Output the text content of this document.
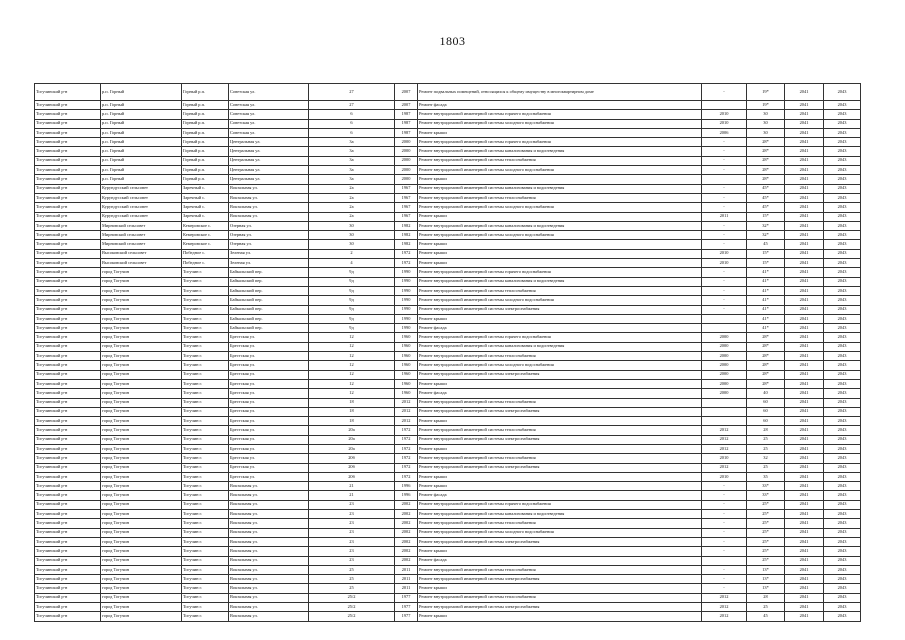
1803
Тогучинский р-н	р.п. Горный	Горный р.п.	Советская ул.	27	2007	Ремонт подвальных помещений, относящихся к общему имуществу в многоквартирном доме	-	19*	2041	2043
Тогучинский р-н	р.п. Горный	Горный р.п.	Советская ул.	27	2007	Ремонт фасада		19*	2041	2043
Тогучинский р-н	р.п. Горный	Горный р.п.	Советская ул.	6	1987	Ремонт внутридомовой инженерной системы горячего водоснабжения	2010	30	2041	2043
Тогучинский р-н	р.п. Горный	Горный р.п.	Советская ул.	6	1987	Ремонт внутридомовой инженерной системы холодного водоснабжения	2010	30	2041	2043
Тогучинский р-н	р.п. Горный	Горный р.п.	Советская ул.	6	1987	Ремонт крыши	2006	30	2041	2043
Тогучинский р-н	р.п. Горный	Горный р.п.	Центральная ул.	3а	2000	Ремонт внутридомовой инженерной системы горячего водоснабжения	-	28*	2041	2043
Тогучинский р-н	р.п. Горный	Горный р.п.	Центральная ул.	3а	2000	Ремонт внутридомовой инженерной системы канализования и водоотведения	-	28*	2041	2043
Тогучинский р-н	р.п. Горный	Горный р.п.	Центральная ул.	3а	2000	Ремонт внутридомовой инженерной системы теплоснабжения	-	28*	2041	2043
Тогучинский р-н	р.п. Горный	Горный р.п.	Центральная ул.	3а	2000	Ремонт внутридомовой инженерной системы холодного водоснабжения	-	28*	2041	2043
Тогучинский р-н	р.п. Горный	Горный р.п.	Центральная ул.	3а	2000	Ремонт крыши		28*	2041	2043
Тогучинский р-н	Курундусский сельсовет	Заречный с.	Вокзальная ул.	2а	1967	Ремонт внутридомовой инженерной системы канализования и водоотведения	-	45*	2041	2043
Тогучинский р-н	Курундусский сельсовет	Заречный с.	Вокзальная ул.	2а	1967	Ремонт внутридомовой инженерной системы теплоснабжения	-	45*	2041	2043
Тогучинский р-н	Курундусский сельсовет	Заречный с.	Вокзальная ул.	2а	1967	Ремонт внутридомовой инженерной системы холодного водоснабжения	-	45*	2041	2043
Тогучинский р-н	Курундусский сельсовет	Заречный с.	Вокзальная ул.	2а	1967	Ремонт крыши	2011	15*	2041	2043
Тогучинский р-н	Мирновский сельсовет	Кемеровское с.	Озерная ул.	30	1982	Ремонт внутридомовой инженерной системы канализования и водоотведения	-	32*	2041	2043
Тогучинский р-н	Мирновский сельсовет	Кемеровское с.	Озерная ул.	30	1982	Ремонт внутридомовой инженерной системы холодного водоснабжения	-	32*	2041	2043
Тогучинский р-н	Мирновский сельсовет	Кемеровское с.	Озерная ул.	30	1982	Ремонт крыши	-	45	2041	2043
Тогучинский р-н	Высоковский сельсовет	Победное с.	Зеленая ул.	2	1972	Ремонт крыши	2010	15*	2041	2043
Тогучинский р-н	Высоковский сельсовет	Победное с.	Зеленая ул.	4	1972	Ремонт крыши	2010	15*	2041	2043
Тогучинский р-н	город Тогучин	Тогучин г.	Байкальский пер.	9д	1990	Ремонт внутридомовой инженерной системы горячего водоснабжения	-	41*	2041	2043
Тогучинский р-н	город Тогучин	Тогучин г.	Байкальский пер.	9д	1990	Ремонт внутридомовой инженерной системы канализования и водоотведения	-	41*	2041	2043
Тогучинский р-н	город Тогучин	Тогучин г.	Байкальский пер.	9д	1990	Ремонт внутридомовой инженерной системы теплоснабжения	-	41*	2041	2043
Тогучинский р-н	город Тогучин	Тогучин г.	Байкальский пер.	9д	1990	Ремонт внутридомовой инженерной системы холодного водоснабжения	-	41*	2041	2043
Тогучинский р-н	город Тогучин	Тогучин г.	Байкальский пер.	9д	1990	Ремонт внутридомовой инженерной системы электроснабжения	-	41*	2041	2043
Тогучинский р-н	город Тогучин	Тогучин г.	Байкальский пер.	9д	1990	Ремонт крыши		41*	2041	2043
Тогучинский р-н	город Тогучин	Тогучин г.	Байкальский пер.	9д	1990	Ремонт фасада		41*	2041	2043
Тогучинский р-н	город Тогучин	Тогучин г.	Брестская ул.	12	1960	Ремонт внутридомовой инженерной системы горячего водоснабжения	2000	28*	2041	2043
Тогучинский р-н	город Тогучин	Тогучин г.	Брестская ул.	12	1960	Ремонт внутридомовой инженерной системы канализования и водоотведения	2000	28*	2041	2043
Тогучинский р-н	город Тогучин	Тогучин г.	Брестская ул.	12	1960	Ремонт внутридомовой инженерной системы теплоснабжения	2000	28*	2041	2043
Тогучинский р-н	город Тогучин	Тогучин г.	Брестская ул.	12	1960	Ремонт внутридомовой инженерной системы холодного водоснабжения	2000	28*	2041	2043
Тогучинский р-н	город Тогучин	Тогучин г.	Брестская ул.	12	1960	Ремонт внутридомовой инженерной системы электроснабжения	2000	28*	2041	2043
Тогучинский р-н	город Тогучин	Тогучин г.	Брестская ул.	12	1960	Ремонт крыши	2000	28*	2041	2043
Тогучинский р-н	город Тогучин	Тогучин г.	Брестская ул.	12	1960	Ремонт фасада	2000	40	2041	2043
Тогучинский р-н	город Тогучин	Тогучин г.	Брестская ул.	18	2012	Ремонт внутридомовой инженерной системы теплоснабжения		60	2041	2043
Тогучинский р-н	город Тогучин	Тогучин г.	Брестская ул.	18	2012	Ремонт внутридомовой инженерной системы электроснабжения		60	2041	2043
Тогучинский р-н	город Тогучин	Тогучин г.	Брестская ул.	18	2012	Ремонт крыши		60	2041	2043
Тогучинский р-н	город Тогучин	Тогучин г.	Брестская ул.	20а	1972	Ремонт внутридомовой инженерной системы теплоснабжения	2012	28	2041	2043
Тогучинский р-н	город Тогучин	Тогучин г.	Брестская ул.	20а	1972	Ремонт внутридомовой инженерной системы электроснабжения	2012	25	2041	2043
Тогучинский р-н	город Тогучин	Тогучин г.	Брестская ул.	20а	1972	Ремонт крыши	2012	25	2041	2043
Тогучинский р-н	город Тогучин	Тогучин г.	Брестская ул.	20б	1972	Ремонт внутридомовой инженерной системы теплоснабжения	2010	32	2041	2043
Тогучинский р-н	город Тогучин	Тогучин г.	Брестская ул.	20б	1972	Ремонт внутридомовой инженерной системы электроснабжения	2012	25	2041	2043
Тогучинский р-н	город Тогучин	Тогучин г.	Брестская ул.	20б	1972	Ремонт крыши	2010	35	2041	2043
Тогучинский р-н	город Тогучин	Тогучин г.	Вокзальная ул.	21	1996	Ремонт крыши	-	33*	2041	2043
Тогучинский р-н	город Тогучин	Тогучин г.	Вокзальная ул.	21	1996	Ремонт фасада	-	33*	2041	2043
Тогучинский р-н	город Тогучин	Тогучин г.	Вокзальная ул.	23	2002	Ремонт внутридомовой инженерной системы горячего водоснабжения	-	25*	2041	2043
Тогучинский р-н	город Тогучин	Тогучин г.	Вокзальная ул.	23	2002	Ремонт внутридомовой инженерной системы канализования и водоотведения	-	25*	2041	2043
Тогучинский р-н	город Тогучин	Тогучин г.	Вокзальная ул.	23	2002	Ремонт внутридомовой инженерной системы теплоснабжения	-	25*	2041	2043
Тогучинский р-н	город Тогучин	Тогучин г.	Вокзальная ул.	23	2002	Ремонт внутридомовой инженерной системы холодного водоснабжения	-	25*	2041	2043
Тогучинский р-н	город Тогучин	Тогучин г.	Вокзальная ул.	23	2002	Ремонт внутридомовой инженерной системы электроснабжения	-	25*	2041	2043
Тогучинский р-н	город Тогучин	Тогучин г.	Вокзальная ул.	23	2002	Ремонт крыши	-	25*	2041	2043
Тогучинский р-н	город Тогучин	Тогучин г.	Вокзальная ул.	23	2002	Ремонт фасада		25*	2041	2043
Тогучинский р-н	город Тогучин	Тогучин г.	Вокзальная ул.	25	2011	Ремонт внутридомовой инженерной системы теплоснабжения	-	13*	2041	2043
Тогучинский р-н	город Тогучин	Тогучин г.	Вокзальная ул.	25	2011	Ремонт внутридомовой инженерной системы электроснабжения	-	13*	2041	2043
Тогучинский р-н	город Тогучин	Тогучин г.	Вокзальная ул.	25	2011	Ремонт крыши	-	13*	2041	2043
Тогучинский р-н	город Тогучин	Тогучин г.	Вокзальная ул.	25/2	1977	Ремонт внутридомовой инженерной системы теплоснабжения	2012	28	2041	2043
Тогучинский р-н	город Тогучин	Тогучин г.	Вокзальная ул.	25/2	1977	Ремонт внутридомовой инженерной системы электроснабжения	2012	25	2041	2043
Тогучинский р-н	город Тогучин	Тогучин г.	Вокзальная ул.	25/2	1977	Ремонт крыши	2012	45	2041	2043
